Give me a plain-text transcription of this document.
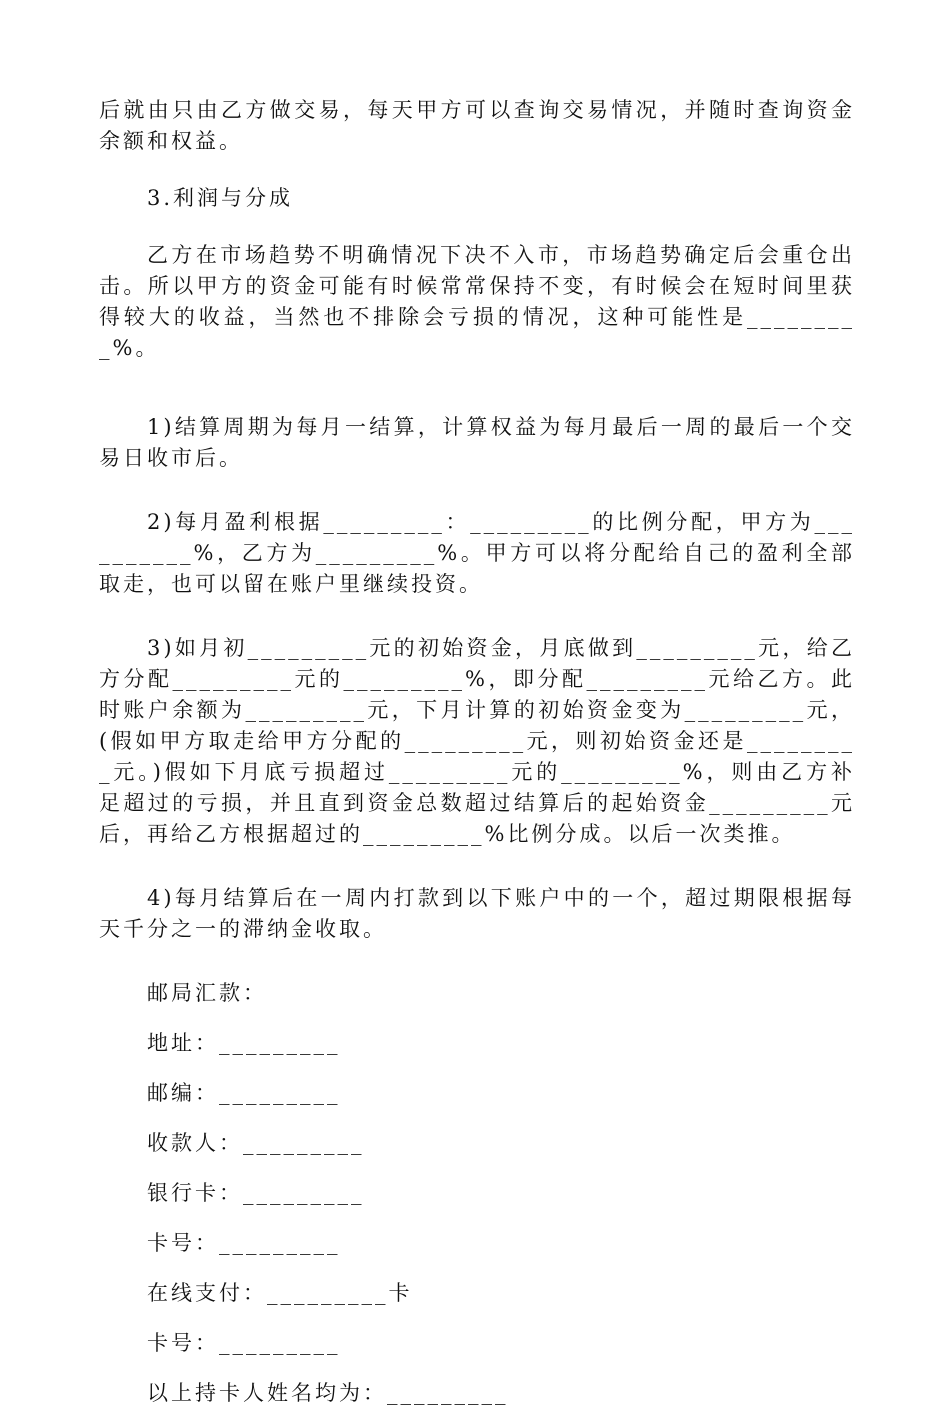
后就由只由乙方做交易，每天甲方可以查询交易情况，并随时查询资金余额和权益。

3.利润与分成

乙方在市场趋势不明确情况下决不入市，市场趋势确定后会重仓出击。所以甲方的资金可能有时候常常保持不变，有时候会在短时间里获得较大的收益，当然也不排除会亏损的情况，这种可能性是_________%。

1)结算周期为每月一结算，计算权益为每月最后一周的最后一个交易日收市后。

2)每月盈利根据_________：_________的比例分配，甲方为__________%，乙方为_________%。甲方可以将分配给自己的盈利全部取走，也可以留在账户里继续投资。

3)如月初_________元的初始资金，月底做到_________元，给乙方分配_________元的_________%，即分配_________元给乙方。此时账户余额为_________元，下月计算的初始资金变为_________元，(假如甲方取走给甲方分配的_________元，则初始资金还是_________元。)假如下月底亏损超过_________元的_________%，则由乙方补足超过的亏损，并且直到资金总数超过结算后的起始资金_________元后，再给乙方根据超过的_________%比例分成。以后一次类推。

4)每月结算后在一周内打款到以下账户中的一个，超过期限根据每天千分之一的滞纳金收取。

邮局汇款：

地址：_________

邮编：_________

收款人：_________

银行卡：_________

卡号：_________

在线支付：_________卡

卡号：_________

以上持卡人姓名均为：_________
